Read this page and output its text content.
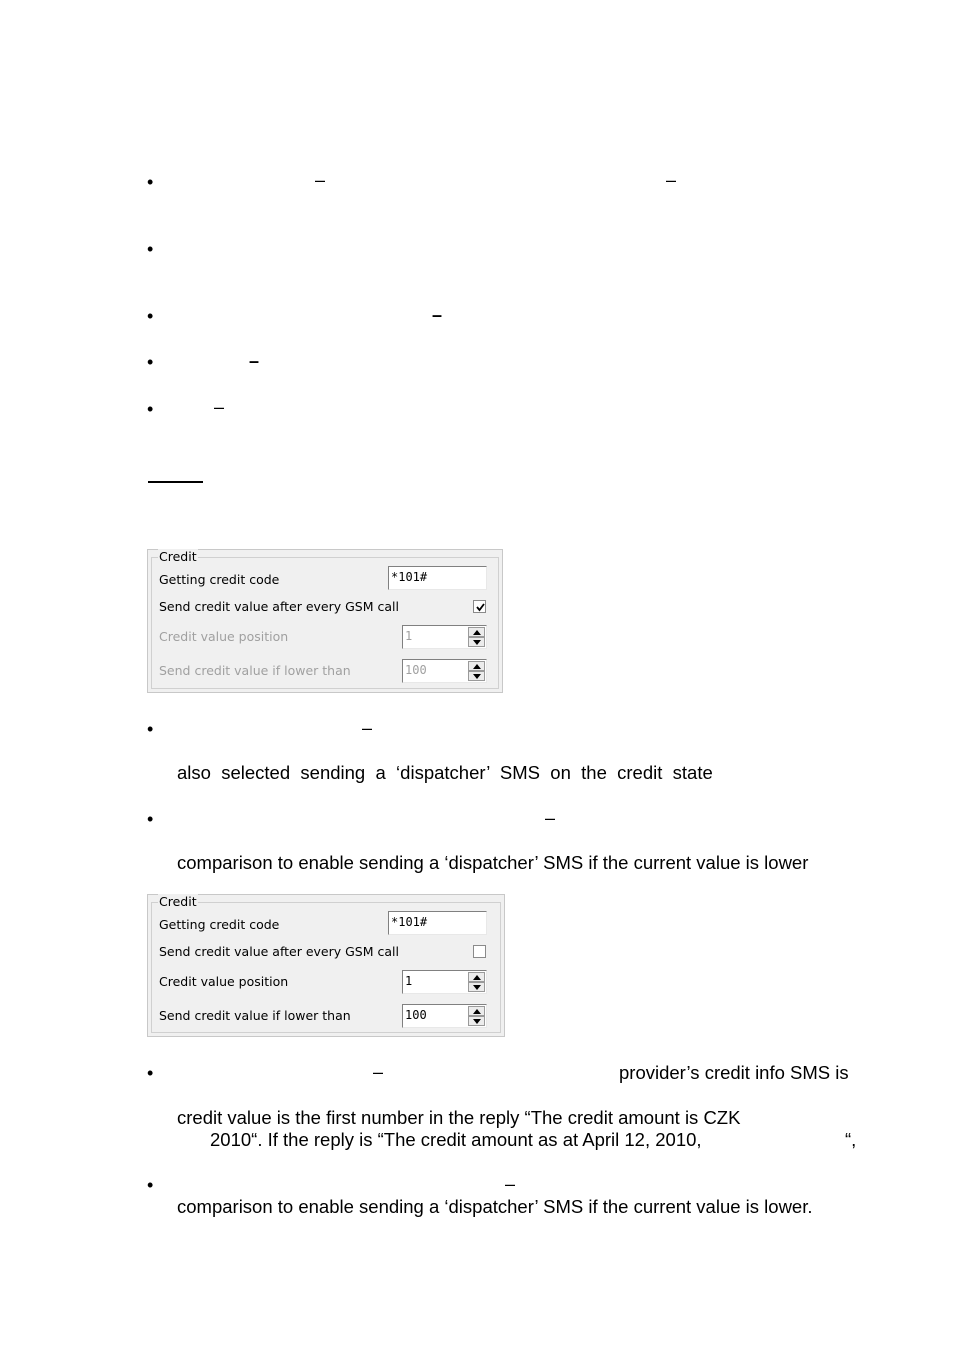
•	–	–
•
•	–
•	–
•	–
Credit
Getting credit code	*101#
Send credit value after every GSM call
Credit value position	1
Send credit value if lower than	100
•	–
also  selected  sending  a  ‘dispatcher’  SMS  on  the  credit  state
•	–
comparison to enable sending a ‘dispatcher’ SMS if the current value is lower
Credit
Getting credit code	*101#
Send credit value after every GSM call
Credit value position	1
Send credit value if lower than	100
•	–	provider’s credit info SMS is
credit value is the first number in the reply “The credit amount is CZK
2010“. If the reply is “The credit amount as at April 12, 2010,	“,
•	–
comparison to enable sending a ‘dispatcher’ SMS if the current value is lower.
